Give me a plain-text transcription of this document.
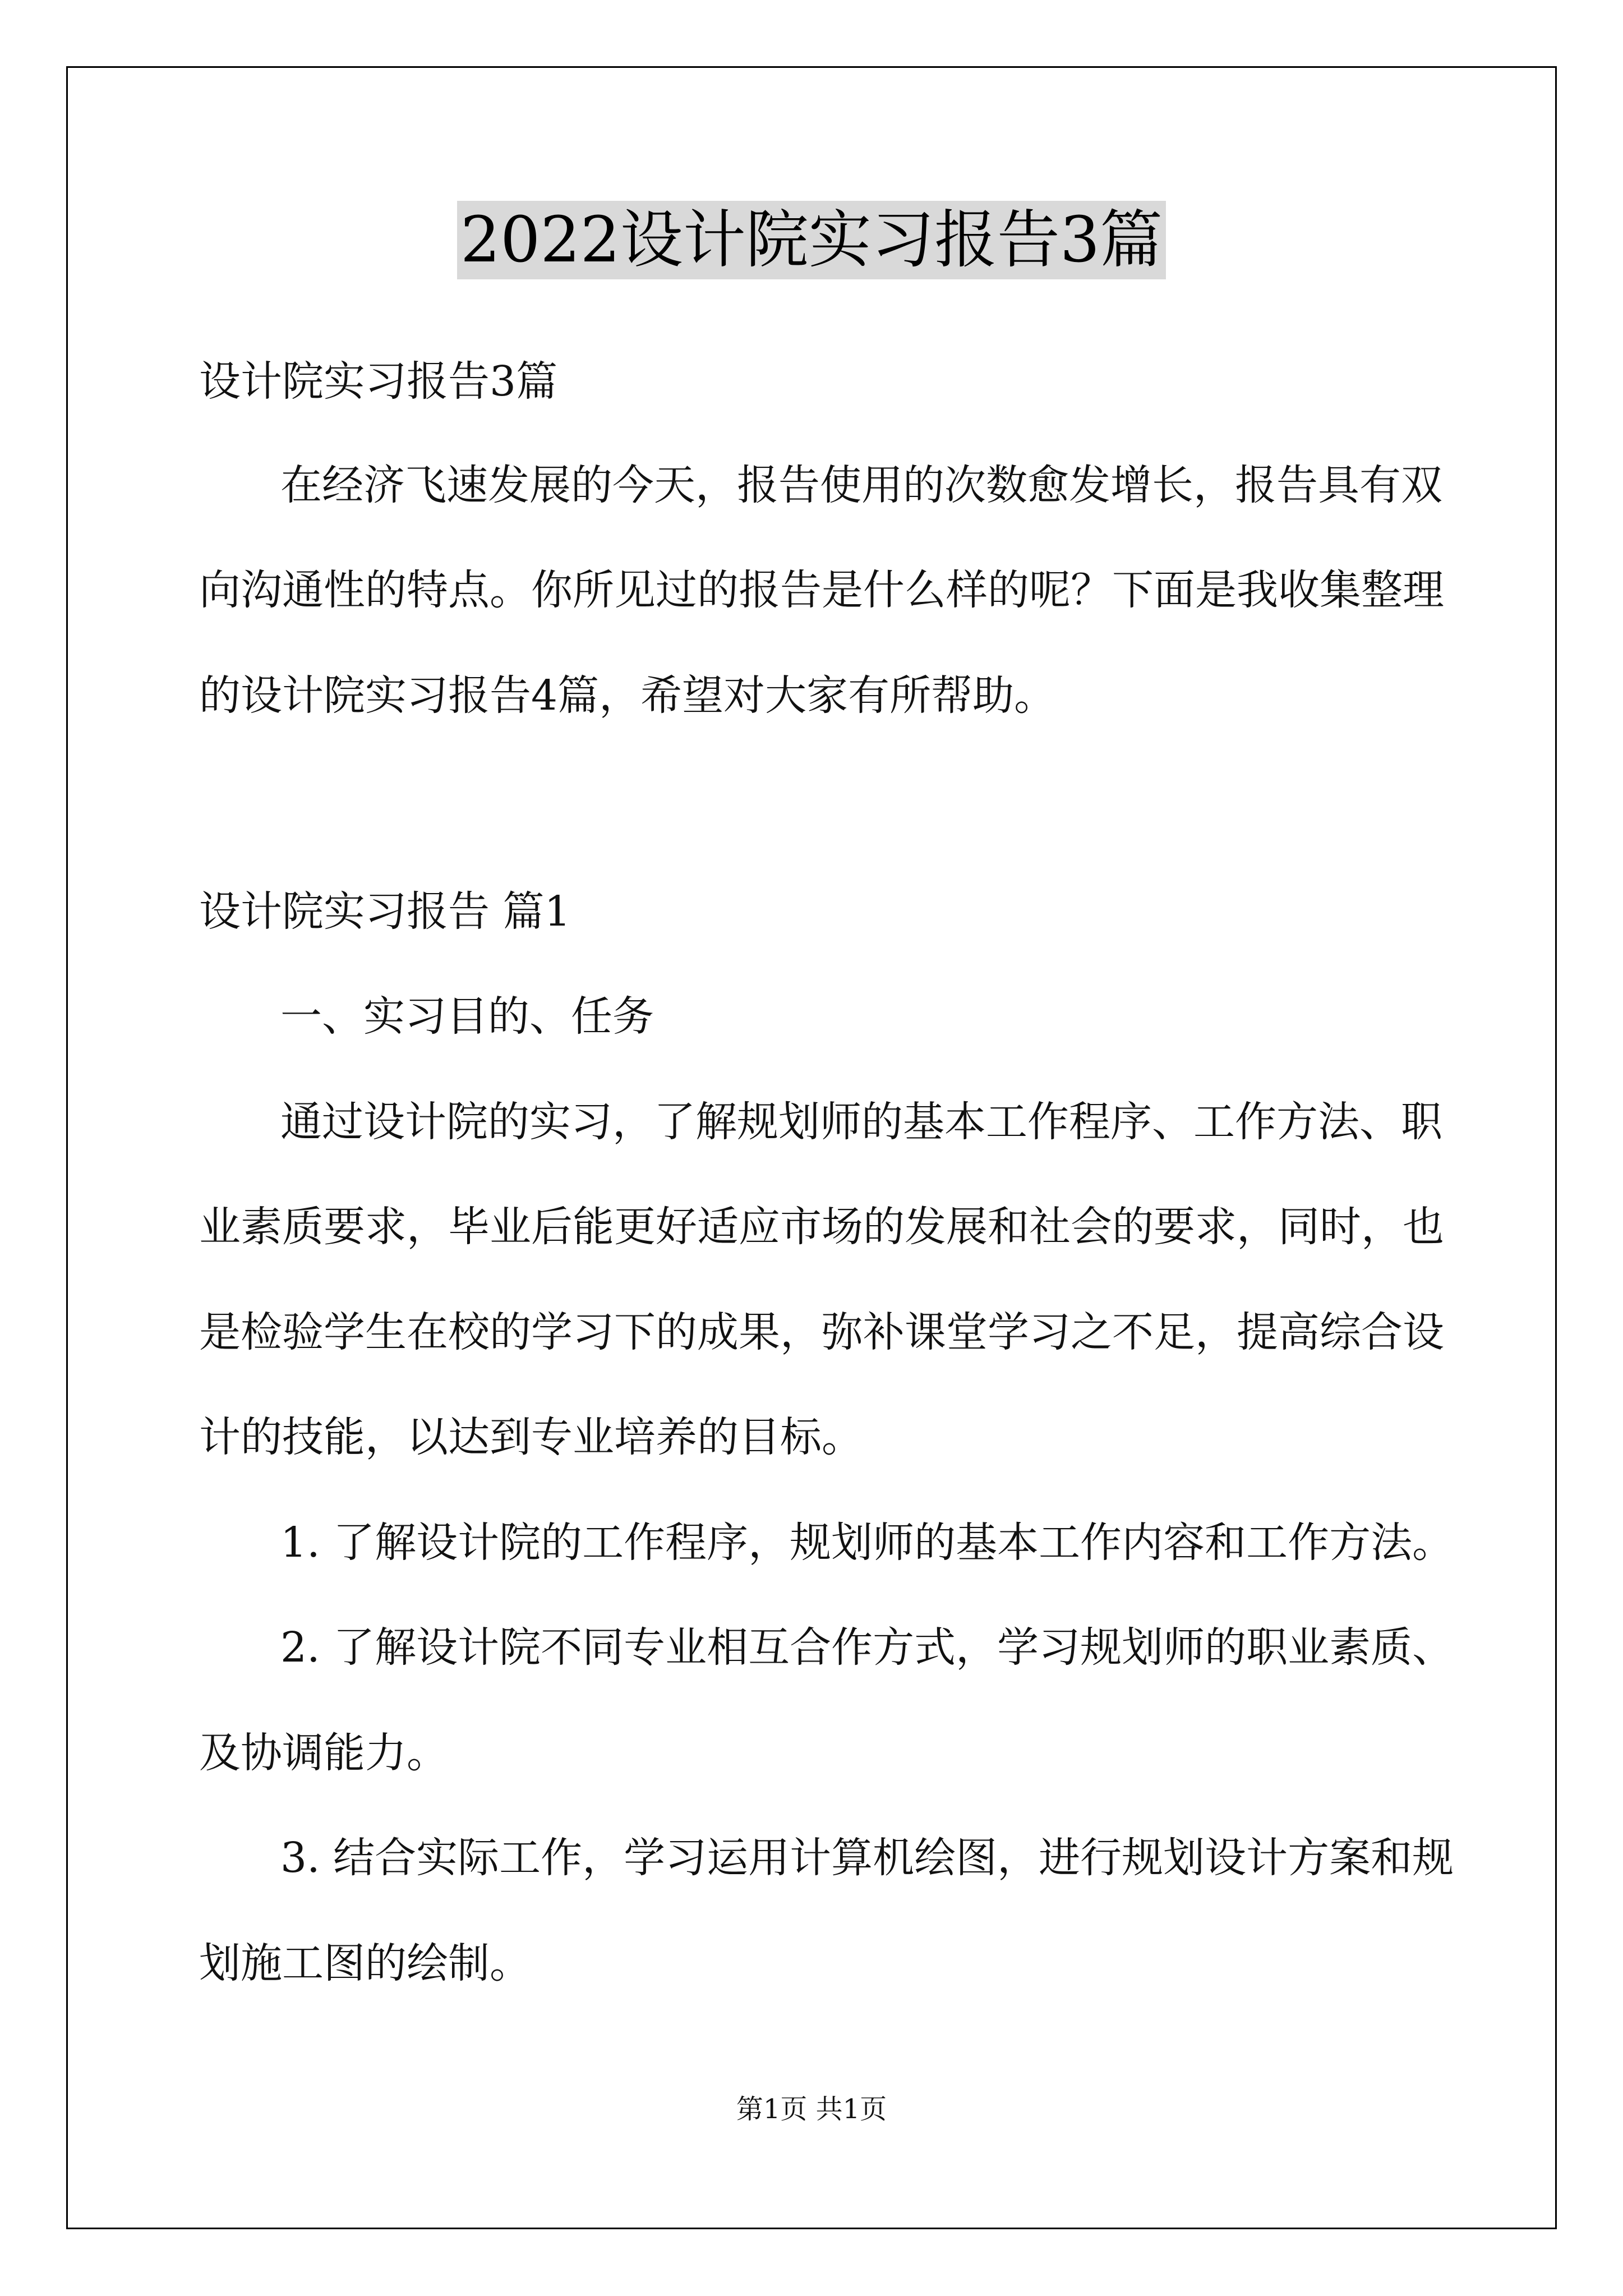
2022设计院实习报告3篇
设计院实习报告3篇
在经济飞速发展的今天，报告使用的次数愈发增长，报告具有双
向沟通性的特点。你所见过的报告是什么样的呢？下面是我收集整理
的设计院实习报告4篇，希望对大家有所帮助。
设计院实习报告 篇1
一、实习目的、任务
通过设计院的实习，了解规划师的基本工作程序、工作方法、职
业素质要求，毕业后能更好适应市场的发展和社会的要求，同时，也
是检验学生在校的学习下的成果，弥补课堂学习之不足，提高综合设
计的技能，以达到专业培养的目标。
1. 了解设计院的工作程序，规划师的基本工作内容和工作方法。
2. 了解设计院不同专业相互合作方式，学习规划师的职业素质、
及协调能力。
3. 结合实际工作，学习运用计算机绘图，进行规划设计方案和规
划施工图的绘制。
第1页 共1页
